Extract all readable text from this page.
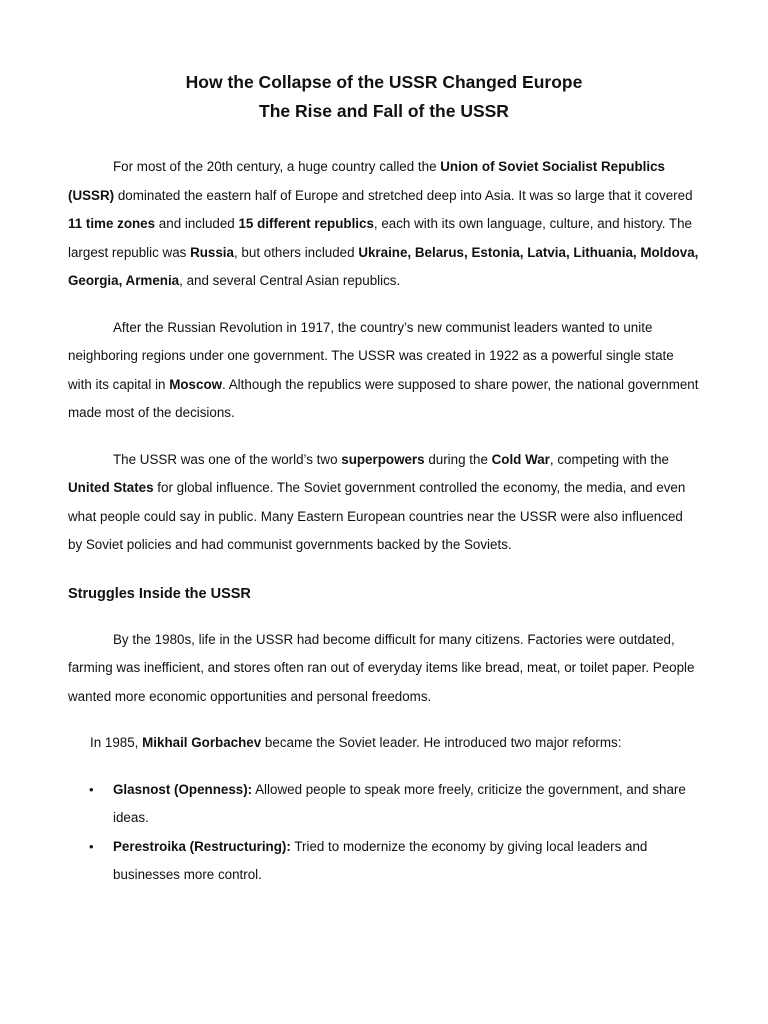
How the Collapse of the USSR Changed Europe
The Rise and Fall of the USSR

For most of the 20th century, a huge country called the Union of Soviet Socialist Republics (USSR) dominated the eastern half of Europe and stretched deep into Asia. It was so large that it covered 11 time zones and included 15 different republics, each with its own language, culture, and history. The largest republic was Russia, but others included Ukraine, Belarus, Estonia, Latvia, Lithuania, Moldova, Georgia, Armenia, and several Central Asian republics.

After the Russian Revolution in 1917, the country’s new communist leaders wanted to unite neighboring regions under one government. The USSR was created in 1922 as a powerful single state with its capital in Moscow. Although the republics were supposed to share power, the national government made most of the decisions.

The USSR was one of the world’s two superpowers during the Cold War, competing with the United States for global influence. The Soviet government controlled the economy, the media, and even what people could say in public. Many Eastern European countries near the USSR were also influenced by Soviet policies and had communist governments backed by the Soviets.

Struggles Inside the USSR

By the 1980s, life in the USSR had become difficult for many citizens. Factories were outdated, farming was inefficient, and stores often ran out of everyday items like bread, meat, or toilet paper. People wanted more economic opportunities and personal freedoms.

In 1985, Mikhail Gorbachev became the Soviet leader. He introduced two major reforms:

• Glasnost (Openness): Allowed people to speak more freely, criticize the government, and share ideas.
• Perestroika (Restructuring): Tried to modernize the economy by giving local leaders and businesses more control.
